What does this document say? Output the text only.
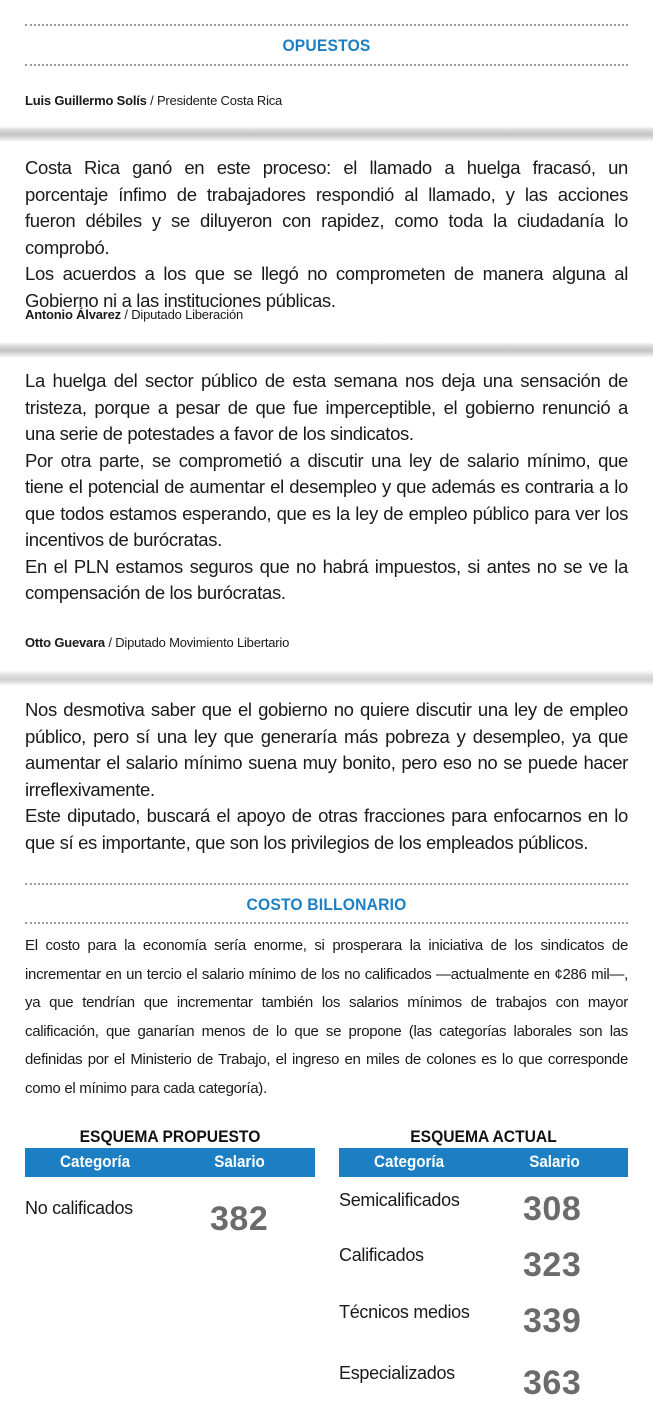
OPUESTOS
Luis Guillermo Solís / Presidente Costa Rica

Costa Rica ganó en este proceso: el llamado a huelga fracasó, un porcentaje ínfimo de trabajadores respondió al llamado, y las acciones fueron débiles y se diluyeron con rapidez, como toda la ciudadanía lo comprobó.

Los acuerdos a los que se llegó no comprometen de manera alguna al Gobierno ni a las instituciones públicas.

Antonio Álvarez / Diputado Liberación

La huelga del sector público de esta semana nos deja una sensación de tristeza, porque a pesar de que fue imperceptible, el gobierno renunció a una serie de potestades a favor de los sindicatos.

Por otra parte, se comprometió a discutir una ley de salario mínimo, que tiene el potencial de aumentar el desempleo y que además es contraria a lo que todos estamos esperando, que es la ley de empleo público para ver los incentivos de burócratas.

En el PLN estamos seguros que no habrá impuestos, si antes no se ve la compensación de los burócratas.

Otto Guevara / Diputado Movimiento Libertario

Nos desmotiva saber que el gobierno no quiere discutir una ley de empleo público, pero sí una ley que generaría más pobreza y desempleo, ya que aumentar el salario mínimo suena muy bonito, pero eso no se puede hacer irreflexivamente.

Este diputado, buscará el apoyo de otras fracciones para enfocarnos en lo que sí es importante, que son los privilegios de los empleados públicos.

COSTO BILLONARIO

El costo para la economía sería enorme, si prosperara la iniciativa de los sindicatos de incrementar en un tercio el salario mínimo de los no calificados —actualmente en ¢286 mil—, ya que tendrían que incrementar también los salarios mínimos de trabajos con mayor calificación, que ganarían menos de lo que se propone (las categorías laborales son las definidas por el Ministerio de Trabajo, el ingreso en miles de colones es lo que corresponde como el mínimo para cada categoría).

ESQUEMA PROPUESTO
Categoría	Salario
No calificados 382
ESQUEMA ACTUAL
Categoría	Salario
Semicalificados 308
Calificados	323
Técnicos medios 339
Especializados 363
